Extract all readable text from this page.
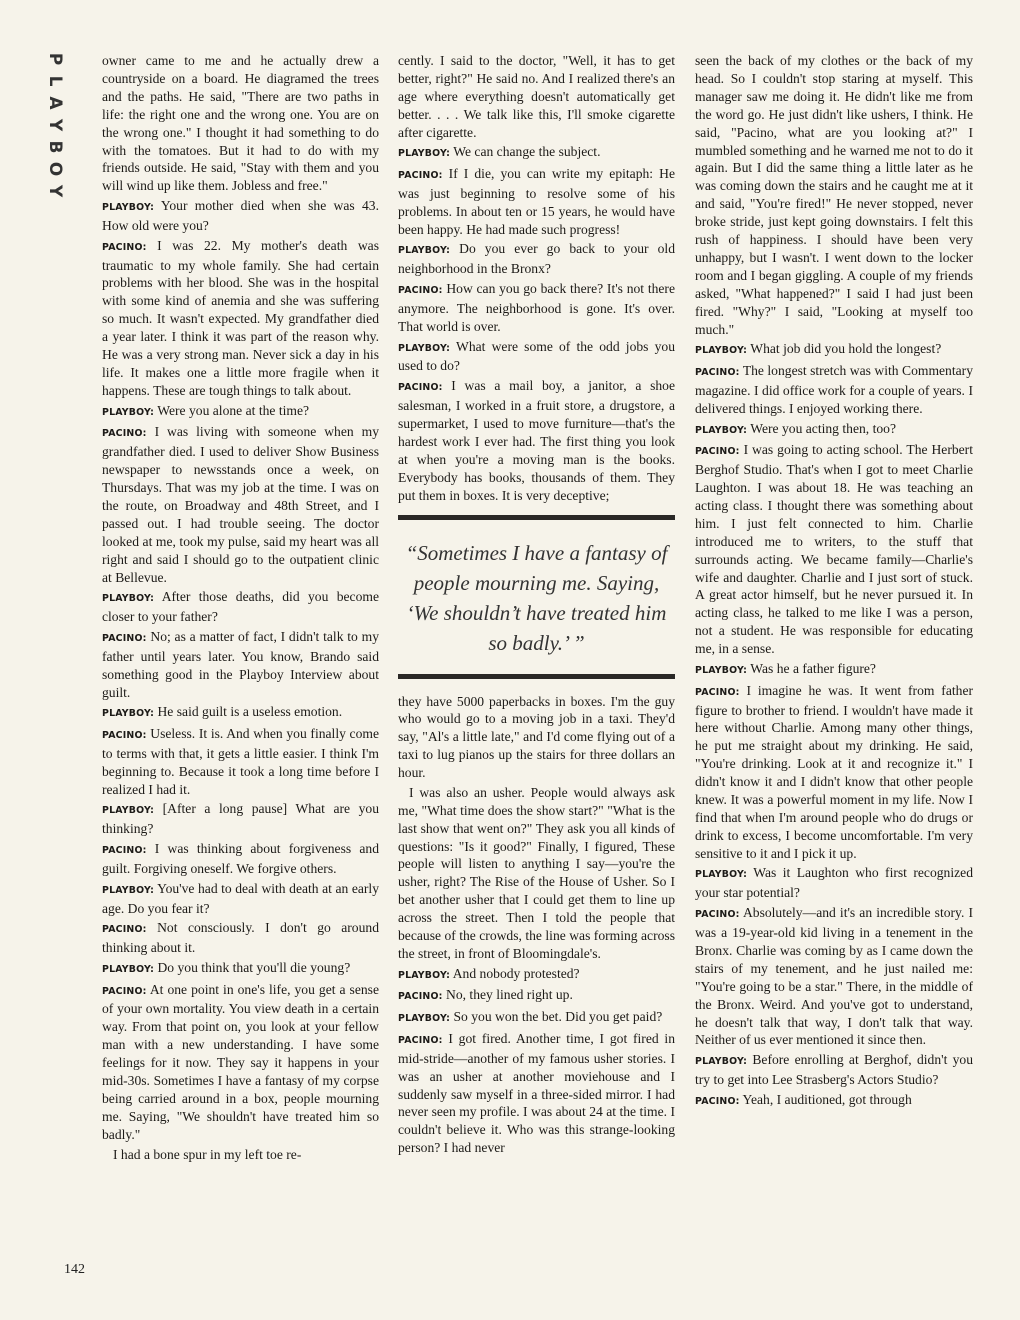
P
L
A
Y
B
O
Y

owner came to me and he actually drew a countryside on a board. He diagramed the trees and the paths. He said, "There are two paths in life: the right one and the wrong one. You are on the wrong one." I thought it had something to do with the tomatoes. But it had to do with my friends outside. He said, "Stay with them and you will wind up like them. Jobless and free."

PLAYBOY: Your mother died when she was 43. How old were you?

PACINO: I was 22. My mother's death was traumatic to my whole family. She had certain problems with her blood. She was in the hospital with some kind of anemia and she was suffering so much. It wasn't expected. My grandfather died a year later. I think it was part of the reason why. He was a very strong man. Never sick a day in his life. It makes one a little more fragile when it happens. These are tough things to talk about.

PLAYBOY: Were you alone at the time?

PACINO: I was living with someone when my grandfather died. I used to deliver Show Business newspaper to newsstands once a week, on Thursdays. That was my job at the time. I was on the route, on Broadway and 48th Street, and I passed out. I had trouble seeing. The doctor looked at me, took my pulse, said my heart was all right and said I should go to the outpatient clinic at Bellevue.

PLAYBOY: After those deaths, did you become closer to your father?

PACINO: No; as a matter of fact, I didn't talk to my father until years later. You know, Brando said something good in the Playboy Interview about guilt.

PLAYBOY: He said guilt is a useless emotion.

PACINO: Useless. It is. And when you finally come to terms with that, it gets a little easier. I think I'm beginning to. Because it took a long time before I realized I had it.

PLAYBOY: [After a long pause] What are you thinking?

PACINO: I was thinking about forgiveness and guilt. Forgiving oneself. We forgive others.

PLAYBOY: You've had to deal with death at an early age. Do you fear it?

PACINO: Not consciously. I don't go around thinking about it.

PLAYBOY: Do you think that you'll die young?

PACINO: At one point in one's life, you get a sense of your own mortality. You view death in a certain way. From that point on, you look at your fellow man with a new understanding. I have some feelings for it now. They say it happens in your mid-30s. Sometimes I have a fantasy of my corpse being carried around in a box, people mourning me. Saying, "We shouldn't have treated him so badly."

I had a bone spur in my left toe re-

cently. I said to the doctor, "Well, it has to get better, right?" He said no. And I realized there's an age where everything doesn't automatically get better. . . . We talk like this, I'll smoke cigarette after cigarette.

PLAYBOY: We can change the subject.

PACINO: If I die, you can write my epitaph: He was just beginning to resolve some of his problems. In about ten or 15 years, he would have been happy. He had made such progress!

PLAYBOY: Do you ever go back to your old neighborhood in the Bronx?

PACINO: How can you go back there? It's not there anymore. The neighborhood is gone. It's over. That world is over.

PLAYBOY: What were some of the odd jobs you used to do?

PACINO: I was a mail boy, a janitor, a shoe salesman, I worked in a fruit store, a drugstore, a supermarket, I used to move furniture—that's the hardest work I ever had. The first thing you look at when you're a moving man is the books. Everybody has books, thousands of them. They put them in boxes. It is very deceptive;

“Sometimes I have a fantasy of people mourning me. Saying, ‘We shouldn’t have treated him so badly.’ ”

they have 5000 paperbacks in boxes. I'm the guy who would go to a moving job in a taxi. They'd say, "Al's a little late," and I'd come flying out of a taxi to lug pianos up the stairs for three dollars an hour.

I was also an usher. People would always ask me, "What time does the show start?" "What is the last show that went on?" They ask you all kinds of questions: "Is it good?" Finally, I figured, These people will listen to anything I say—you're the usher, right? The Rise of the House of Usher. So I bet another usher that I could get them to line up across the street. Then I told the people that because of the crowds, the line was forming across the street, in front of Bloomingdale's.

PLAYBOY: And nobody protested?

PACINO: No, they lined right up.

PLAYBOY: So you won the bet. Did you get paid?

PACINO: I got fired. Another time, I got fired in mid-stride—another of my famous usher stories. I was an usher at another moviehouse and I suddenly saw myself in a three-sided mirror. I had never seen my profile. I was about 24 at the time. I couldn't believe it. Who was this strange-looking person? I had never

seen the back of my clothes or the back of my head. So I couldn't stop staring at myself. This manager saw me doing it. He didn't like me from the word go. He just didn't like ushers, I think. He said, "Pacino, what are you looking at?" I mumbled something and he warned me not to do it again. But I did the same thing a little later as he was coming down the stairs and he caught me at it and said, "You're fired!" He never stopped, never broke stride, just kept going downstairs. I felt this rush of happiness. I should have been very unhappy, but I wasn't. I went down to the locker room and I began giggling. A couple of my friends asked, "What happened?" I said I had just been fired. "Why?" I said, "Looking at myself too much."

PLAYBOY: What job did you hold the longest?

PACINO: The longest stretch was with Commentary magazine. I did office work for a couple of years. I delivered things. I enjoyed working there.

PLAYBOY: Were you acting then, too?

PACINO: I was going to acting school. The Herbert Berghof Studio. That's when I got to meet Charlie Laughton. I was about 18. He was teaching an acting class. I thought there was something about him. I just felt connected to him. Charlie introduced me to writers, to the stuff that surrounds acting. We became family—Charlie's wife and daughter. Charlie and I just sort of stuck. A great actor himself, but he never pursued it. In acting class, he talked to me like I was a person, not a student. He was responsible for educating me, in a sense.

PLAYBOY: Was he a father figure?

PACINO: I imagine he was. It went from father figure to brother to friend. I wouldn't have made it here without Charlie. Among many other things, he put me straight about my drinking. He said, "You're drinking. Look at it and recognize it." I didn't know it and I didn't know that other people knew. It was a powerful moment in my life. Now I find that when I'm around people who do drugs or drink to excess, I become uncomfortable. I'm very sensitive to it and I pick it up.

PLAYBOY: Was it Laughton who first recognized your star potential?

PACINO: Absolutely—and it's an incredible story. I was a 19-year-old kid living in a tenement in the Bronx. Charlie was coming by as I came down the stairs of my tenement, and he just nailed me: "You're going to be a star." There, in the middle of the Bronx. Weird. And you've got to understand, he doesn't talk that way, I don't talk that way. Neither of us ever mentioned it since then.

PLAYBOY: Before enrolling at Berghof, didn't you try to get into Lee Strasberg's Actors Studio?

PACINO: Yeah, I auditioned, got through

142
